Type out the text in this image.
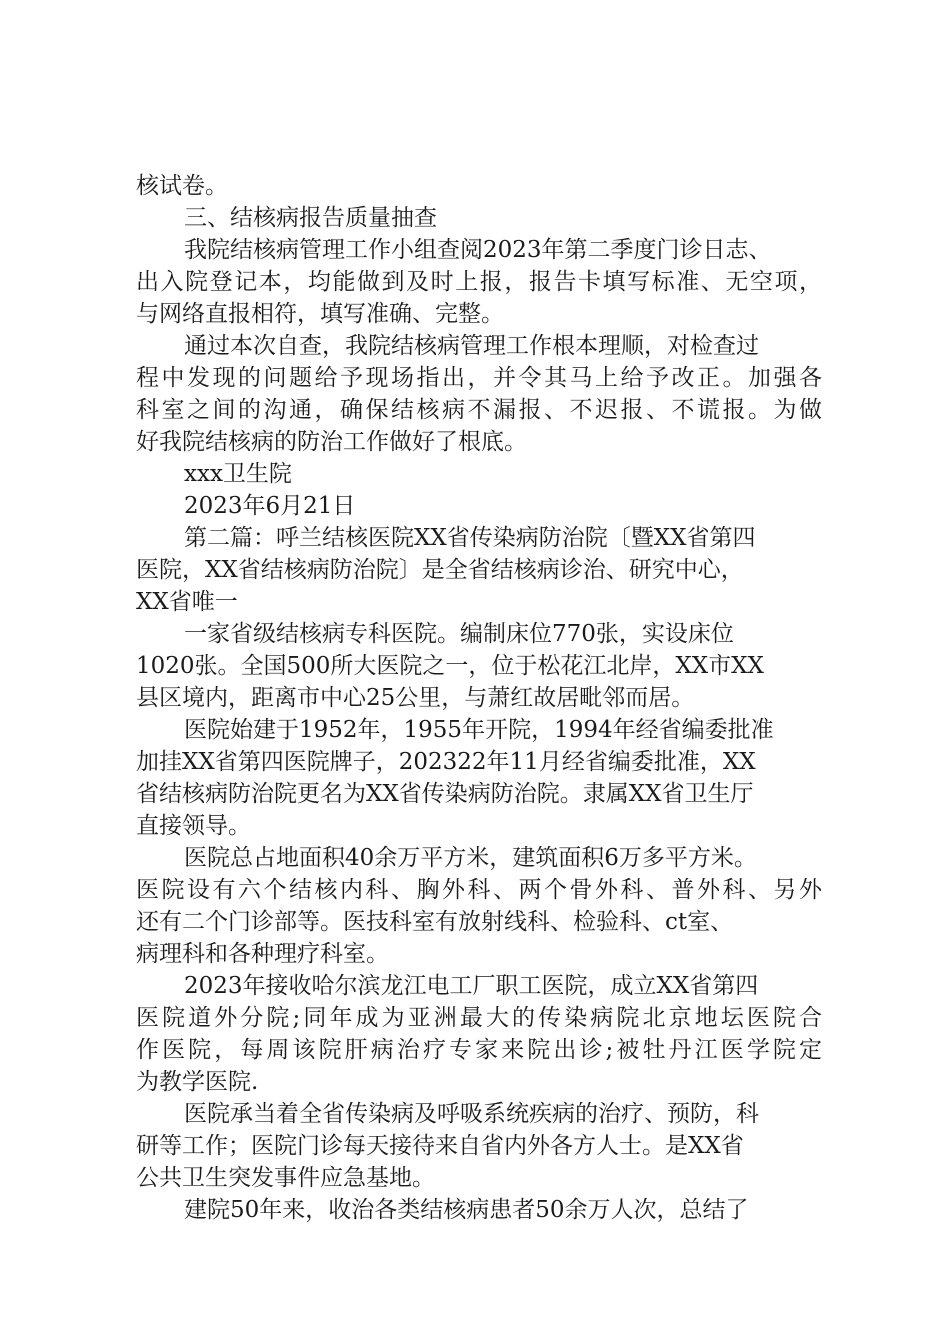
核试卷。
三、结核病报告质量抽查
我院结核病管理工作小组查阅2023年第二季度门诊日志、
出入院登记本，均能做到及时上报，报告卡填写标准、无空项，
与网络直报相符，填写准确、完整。
通过本次自查，我院结核病管理工作根本理顺，对检查过
程中发现的问题给予现场指出，并令其马上给予改正。加强各
科室之间的沟通，确保结核病不漏报、不迟报、不谎报。为做
好我院结核病的防治工作做好了根底。
xxx卫生院
2023年6月21日
第二篇：呼兰结核医院XX省传染病防治院〔暨XX省第四
医院，XX省结核病防治院〕是全省结核病诊治、研究中心，
XX省唯一
一家省级结核病专科医院。编制床位770张，实设床位
1020张。全国500所大医院之一，位于松花江北岸，XX市XX
县区境内，距离市中心25公里，与萧红故居毗邻而居。
医院始建于1952年，1955年开院，1994年经省编委批准
加挂XX省第四医院牌子，202322年11月经省编委批准，XX
省结核病防治院更名为XX省传染病防治院。隶属XX省卫生厅
直接领导。
医院总占地面积40余万平方米，建筑面积6万多平方米。
医院设有六个结核内科、胸外科、两个骨外科、普外科、另外
还有二个门诊部等。医技科室有放射线科、检验科、ct室、
病理科和各种理疗科室。
2023年接收哈尔滨龙江电工厂职工医院，成立XX省第四
医院道外分院;同年成为亚洲最大的传染病院北京地坛医院合
作医院，每周该院肝病治疗专家来院出诊;被牡丹江医学院定
为教学医院.
医院承当着全省传染病及呼吸系统疾病的治疗、预防，科
研等工作；医院门诊每天接待来自省内外各方人士。是XX省
公共卫生突发事件应急基地。
建院50年来，收治各类结核病患者50余万人次，总结了
